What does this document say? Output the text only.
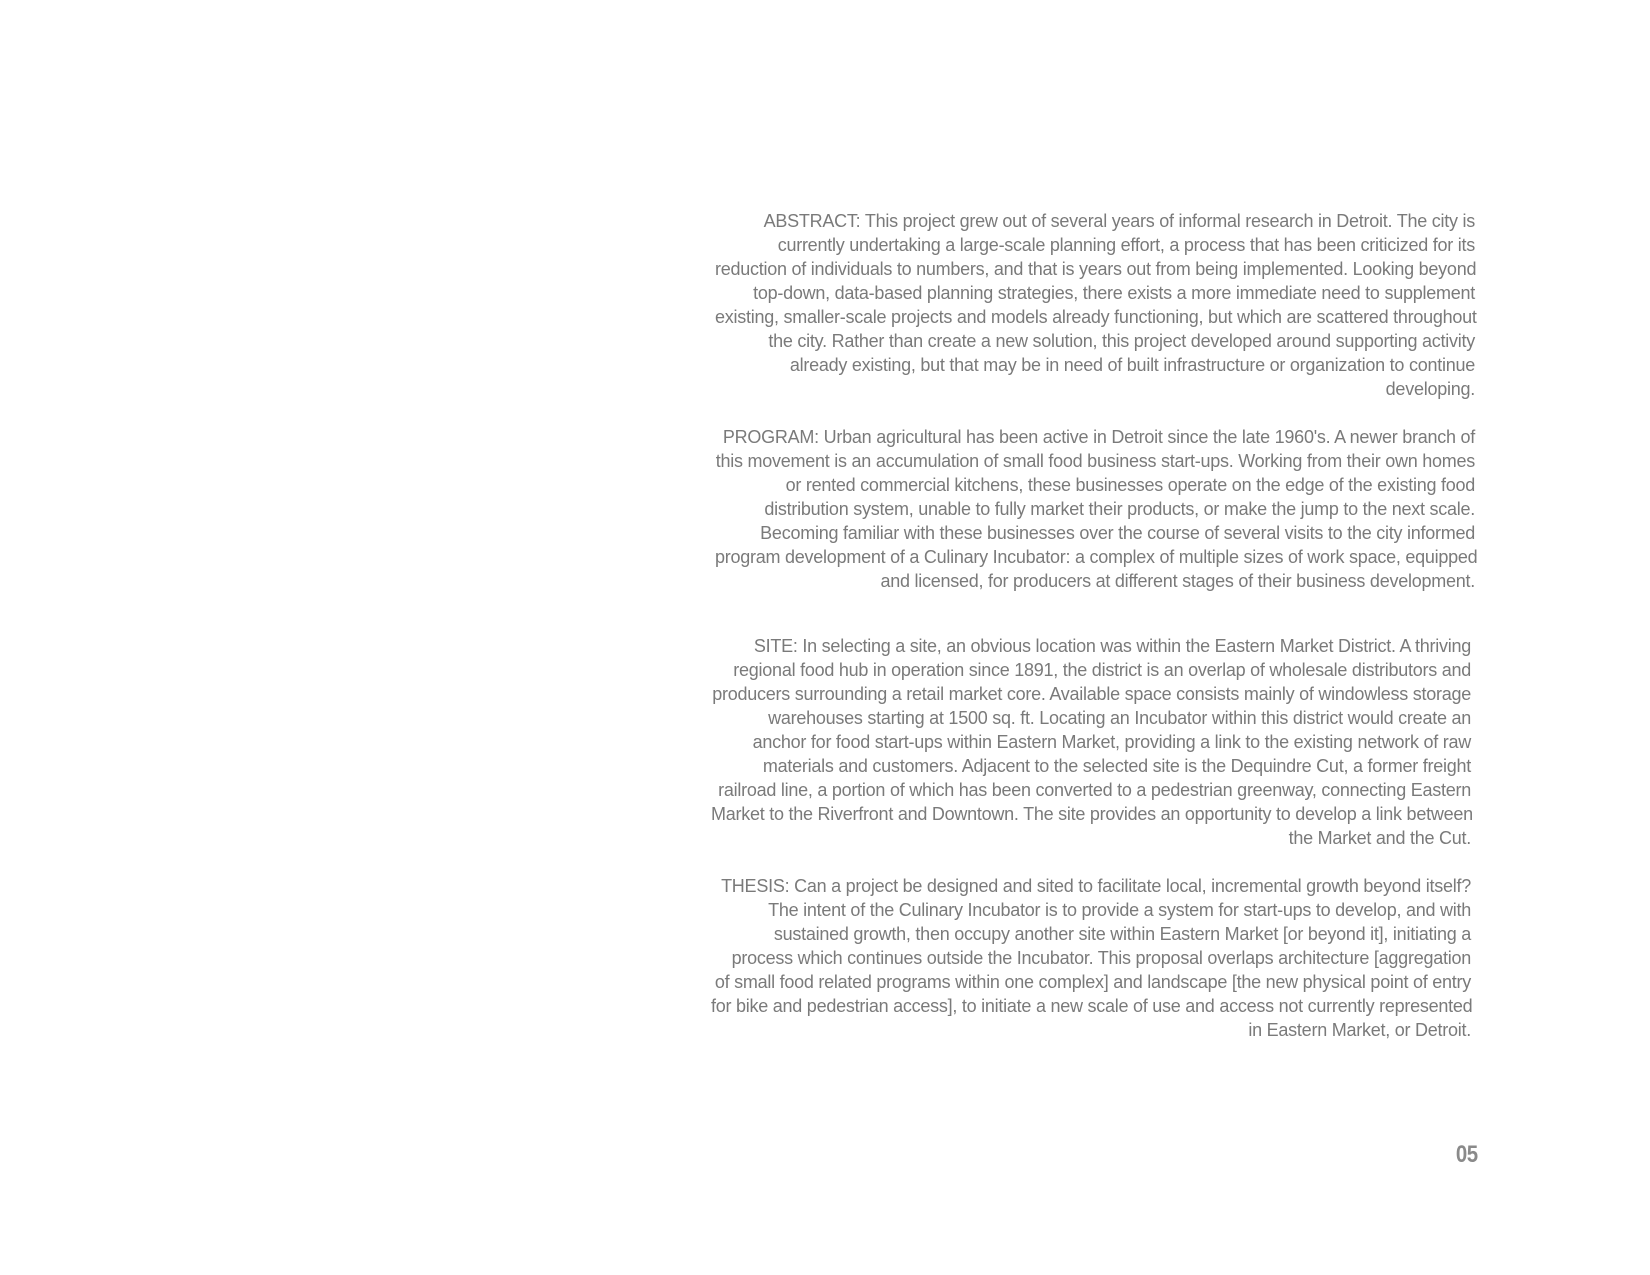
ABSTRACT: This project grew out of several years of informal research in Detroit. The city is
currently undertaking a large-scale planning effort, a process that has been criticized for its
reduction of individuals to numbers, and that is years out from being implemented. Looking beyond
top-down, data-based planning strategies, there exists a more immediate need to supplement
existing, smaller-scale projects and models already functioning, but which are scattered throughout
the city. Rather than create a new solution, this project developed around supporting activity
already existing, but that may be in need of built infrastructure or organization to continue
developing.

PROGRAM: Urban agricultural has been active in Detroit since the late 1960's. A newer branch of
this movement is an accumulation of small food business start-ups. Working from their own homes
or rented commercial kitchens, these businesses operate on the edge of the existing food
distribution system, unable to fully market their products, or make the jump to the next scale.
Becoming familiar with these businesses over the course of several visits to the city informed
program development of a Culinary Incubator: a complex of multiple sizes of work space, equipped
and licensed, for producers at different stages of their business development.

SITE: In selecting a site, an obvious location was within the Eastern Market District. A thriving
regional food hub in operation since 1891, the district is an overlap of wholesale distributors and
producers surrounding a retail market core. Available space consists mainly of windowless storage
warehouses starting at 1500 sq. ft. Locating an Incubator within this district would create an
anchor for food start-ups within Eastern Market, providing a link to the existing network of raw
materials and customers. Adjacent to the selected site is the Dequindre Cut, a former freight
railroad line, a portion of which has been converted to a pedestrian greenway, connecting Eastern
Market to the Riverfront and Downtown. The site provides an opportunity to develop a link between
the Market and the Cut.

THESIS: Can a project be designed and sited to facilitate local, incremental growth beyond itself?
The intent of the Culinary Incubator is to provide a system for start-ups to develop, and with
sustained growth, then occupy another site within Eastern Market [or beyond it], initiating a
process which continues outside the Incubator. This proposal overlaps architecture [aggregation
of small food related programs within one complex] and landscape [the new physical point of entry
for bike and pedestrian access], to initiate a new scale of use and access not currently represented
in Eastern Market, or Detroit.

05
